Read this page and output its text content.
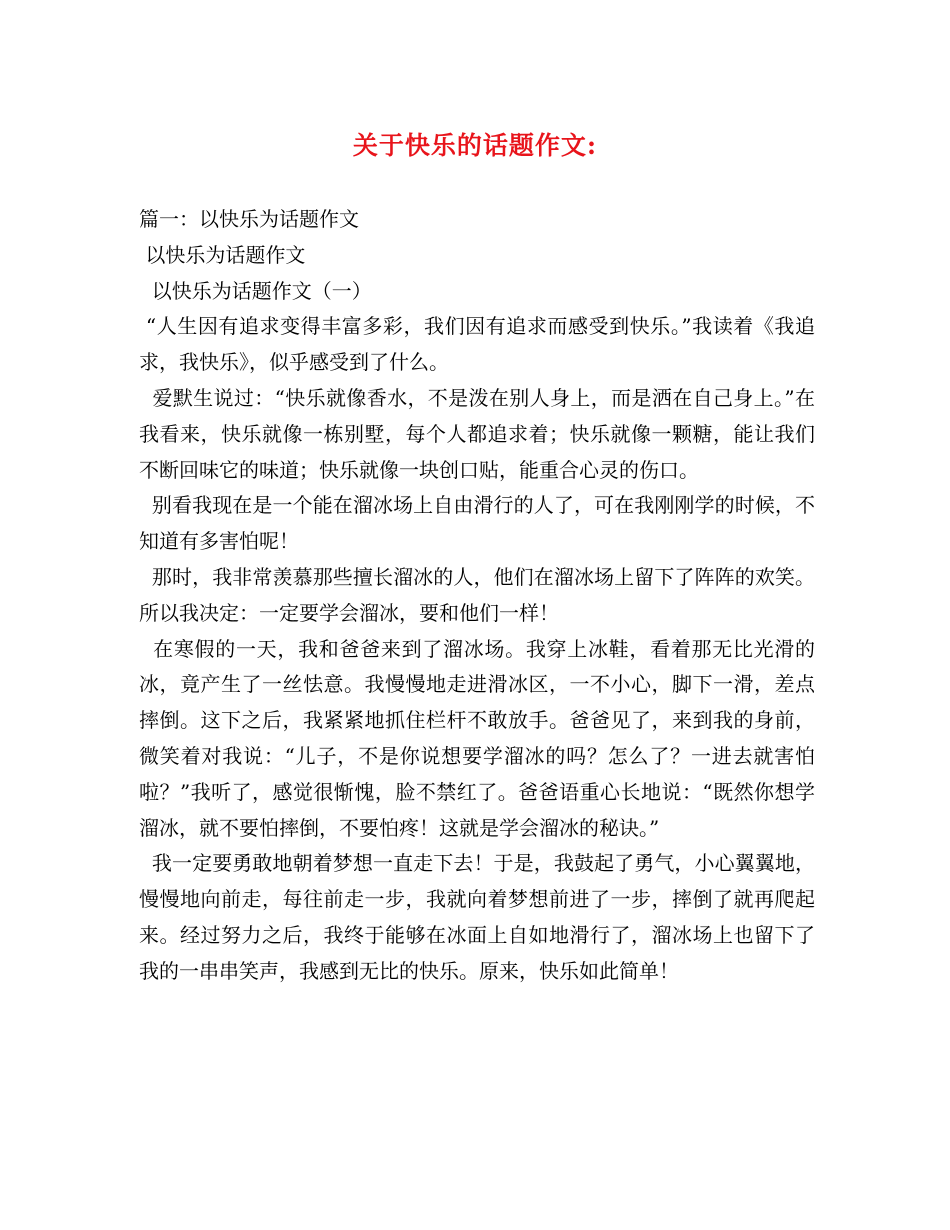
关于快乐的话题作文:

篇一：以快乐为话题作文

以快乐为话题作文

以快乐为话题作文（一）

“人生因有追求变得丰富多彩，我们因有追求而感受到快乐。”我读着《我追求，我快乐》，似乎感受到了什么。

爱默生说过：“快乐就像香水，不是泼在别人身上，而是洒在自己身上。”在我看来，快乐就像一栋别墅，每个人都追求着；快乐就像一颗糖，能让我们不断回味它的味道；快乐就像一块创口贴，能重合心灵的伤口。

别看我现在是一个能在溜冰场上自由滑行的人了，可在我刚刚学的时候，不知道有多害怕呢！

那时，我非常羡慕那些擅长溜冰的人，他们在溜冰场上留下了阵阵的欢笑。所以我决定：一定要学会溜冰，要和他们一样！

在寒假的一天，我和爸爸来到了溜冰场。我穿上冰鞋，看着那无比光滑的冰，竟产生了一丝怯意。我慢慢地走进滑冰区，一不小心，脚下一滑，差点摔倒。这下之后，我紧紧地抓住栏杆不敢放手。爸爸见了，来到我的身前，微笑着对我说：“儿子，不是你说想要学溜冰的吗？怎么了？一进去就害怕啦？”我听了，感觉很惭愧，脸不禁红了。爸爸语重心长地说：“既然你想学溜冰，就不要怕摔倒，不要怕疼！这就是学会溜冰的秘诀。”

我一定要勇敢地朝着梦想一直走下去！于是，我鼓起了勇气，小心翼翼地，慢慢地向前走，每往前走一步，我就向着梦想前进了一步，摔倒了就再爬起来。经过努力之后，我终于能够在冰面上自如地滑行了，溜冰场上也留下了我的一串串笑声，我感到无比的快乐。原来，快乐如此简单！
